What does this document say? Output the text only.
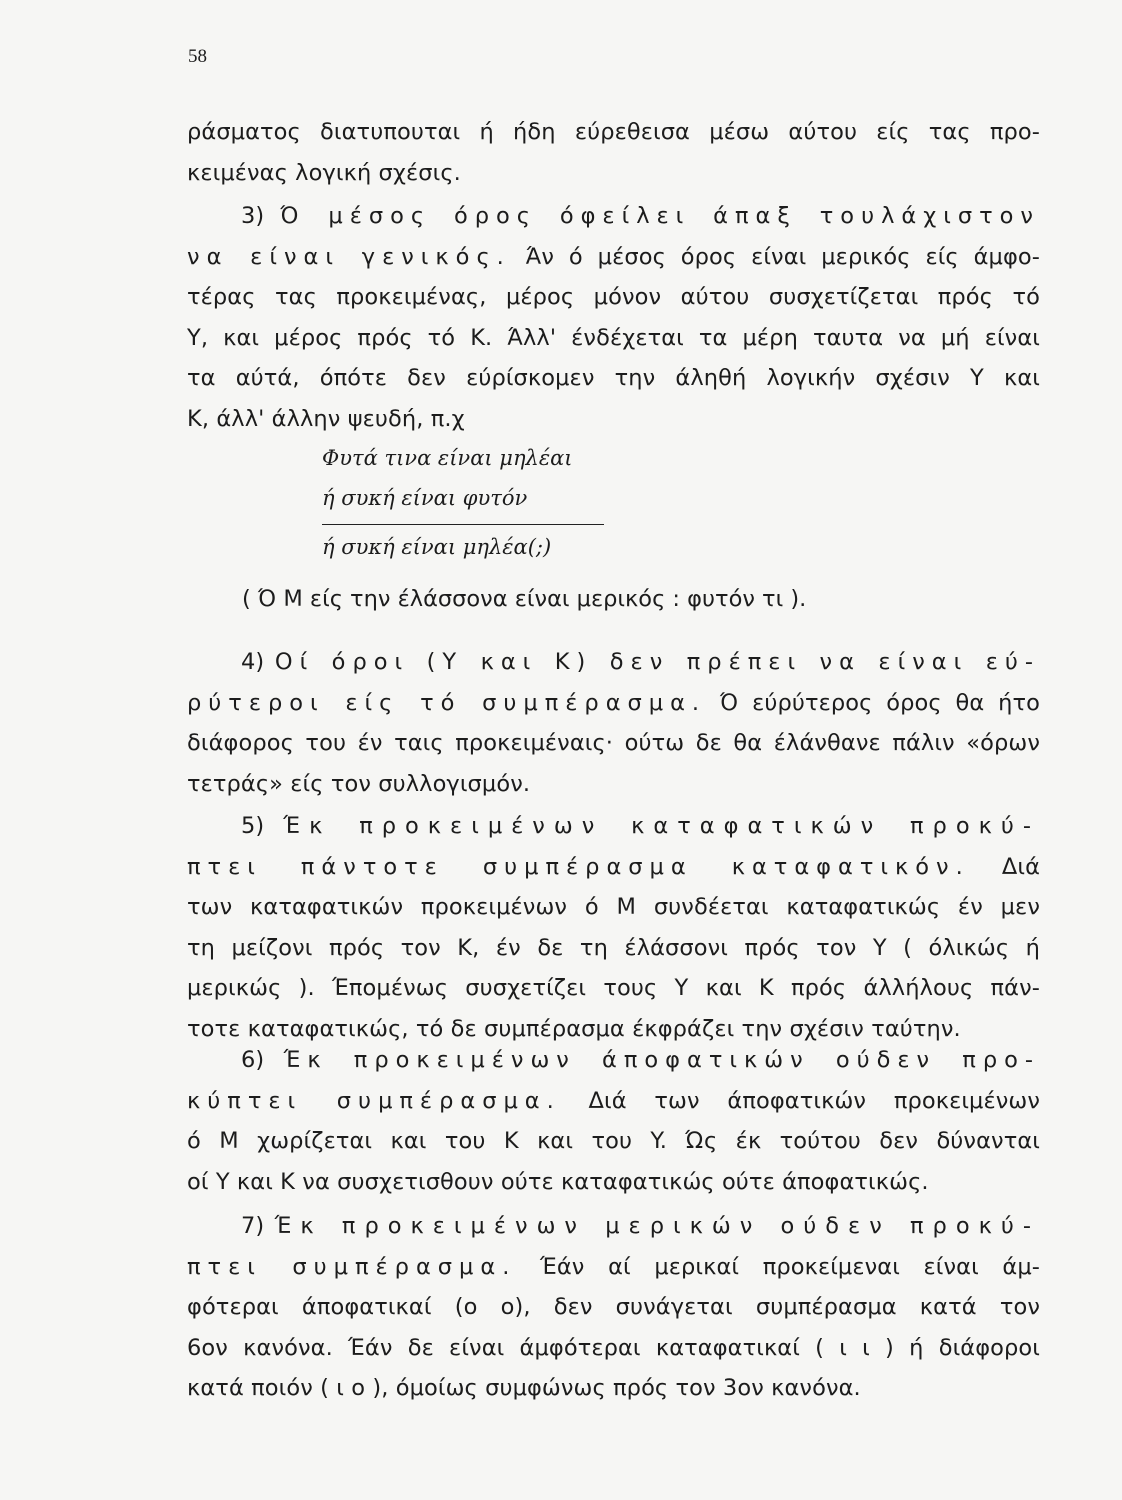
58
ράσματος διατυπουται ή ήδη εύρεθεισα μέσω αύτου είς τας προ-
κειμένας λογική σχέσις.
3) Ό μέσος όρος όφείλει άπαξ τουλάχιστον
να είναι γενικός. Άν ό μέσος όρος είναι μερικός είς άμφο-
τέρας τας προκειμένας, μέρος μόνον αύτου συσχετίζεται πρός τό
Y, και μέρος πρός τό K. Άλλ' ένδέχεται τα μέρη ταυτα να μή είναι
τα αύτά, όπότε δεν εύρίσκομεν την άληθή λογικήν σχέσιν Y και
K, άλλ' άλλην ψευδή, π.χ
Φυτά τινα είναι μηλέαι
ή συκή είναι φυτόν
ή συκή είναι μηλέα(;)
( Ό Μ είς την έλάσσονα είναι μερικός : φυτόν τι ).
4) Οί όροι (Y και K) δεν πρέπει να είναι εύ-
ρύτεροι είς τό συμπέρασμα. Ό εύρύτερος όρος θα ήτο
διάφορος του έν ταις προκειμέναις· ούτω δε θα έλάνθανε πάλιν «όρων
τετράς» είς τον συλλογισμόν.
5) Έκ προκειμένων καταφατικών προκύ-
πτει πάντοτε συμπέρασμα καταφατικόν. Διά
των καταφατικών προκειμένων ό Μ συνδέεται καταφατικώς έν μεν
τη μείζονι πρός τον K, έν δε τη έλάσσονι πρός τον Y ( όλικώς ή
μερικώς ). Έπομένως συσχετίζει τους Y και K πρός άλλήλους πάν-
τοτε καταφατικώς, τό δε συμπέρασμα έκφράζει την σχέσιν ταύτην.
6) Έκ προκειμένων άποφατικών ούδεν προ-
κύπτει συμπέρασμα. Διά των άποφατικών προκειμένων
ό Μ χωρίζεται και του K και του Y. Ώς έκ τούτου δεν δύνανται
οί Y και K να συσχετισθουν ούτε καταφατικώς ούτε άποφατικώς.
7) Έκ προκειμένων μερικών ούδεν προκύ-
πτει συμπέρασμα. Έάν αί μερικαί προκείμεναι είναι άμ-
φότεραι άποφατικαί (o o), δεν συνάγεται συμπέρασμα κατά τον
6ον κανόνα. Έάν δε είναι άμφότεραι καταφατικαί ( ι ι ) ή διάφοροι
κατά ποιόν ( ι o ), όμοίως συμφώνως πρός τον 3ον κανόνα.
